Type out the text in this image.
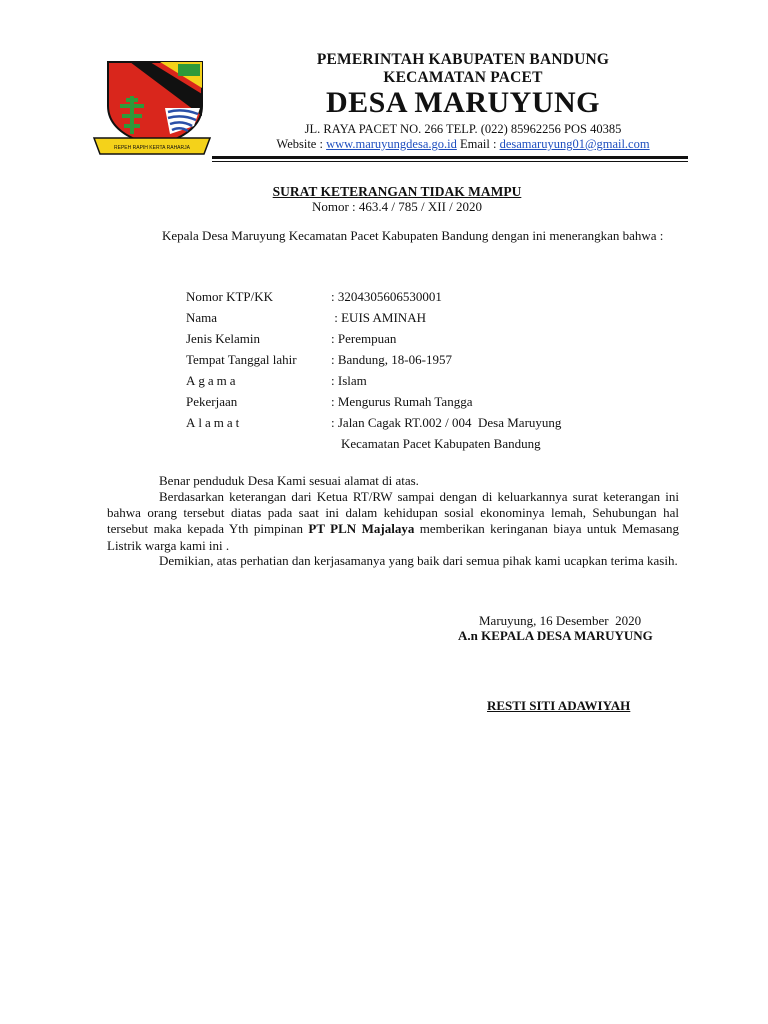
REPEH RAPIH KERTA RAHARJA
PEMERINTAH KABUPATEN BANDUNG
KECAMATAN PACET
DESA MARUYUNG
JL. RAYA PACET NO. 266 TELP. (022) 85962256 POS 40385
Website : www.maruyungdesa.go.id Email : desamaruyung01@gmail.com
SURAT KETERANGAN TIDAK MAMPU
Nomor : 463.4 / 785 / XII / 2020
Kepala Desa Maruyung Kecamatan Pacet Kabupaten Bandung dengan ini menerangkan bahwa :
Nomor KTP/KK	: 3204305606530001
Nama	: EUIS AMINAH
Jenis Kelamin	: Perempuan
Tempat Tanggal lahir	: Bandung, 18-06-1957
Agama	: Islam
Pekerjaan	: Mengurus Rumah Tangga
Alamat	: Jalan Cagak RT.002 / 004  Desa Maruyung
Kecamatan Pacet Kabupaten Bandung
Benar penduduk Desa Kami sesuai alamat di atas.
Berdasarkan keterangan dari Ketua RT/RW sampai dengan di keluarkannya surat keterangan ini bahwa orang tersebut diatas pada saat ini dalam kehidupan sosial ekonominya lemah, Sehubungan hal tersebut maka kepada Yth pimpinan PT PLN Majalaya memberikan keringanan biaya untuk Memasang Listrik warga kami ini .
Demikian, atas perhatian dan kerjasamanya yang baik dari semua pihak kami ucapkan terima kasih.
Maruyung, 16 Desember  2020
A.n KEPALA DESA MARUYUNG
RESTI SITI ADAWIYAH
